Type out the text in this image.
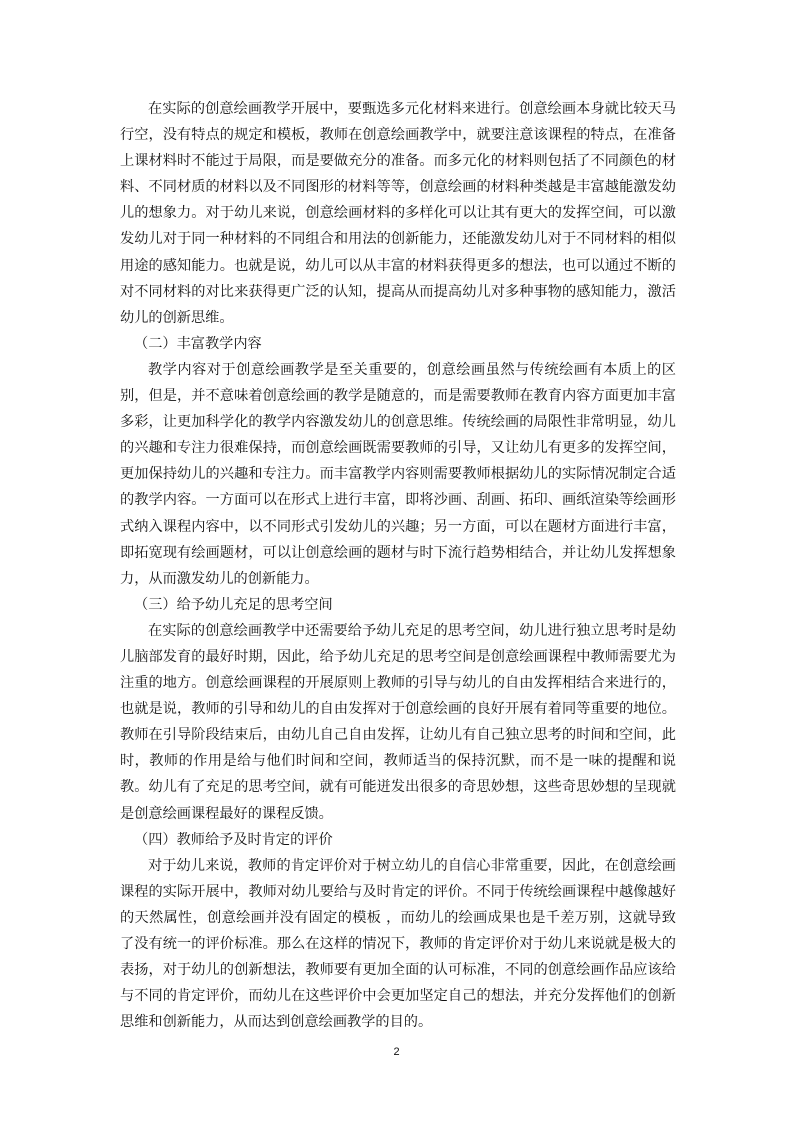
在实际的创意绘画教学开展中，要甄选多元化材料来进行。创意绘画本身就比较天马行空，没有特点的规定和模板，教师在创意绘画教学中，就要注意该课程的特点，在准备上课材料时不能过于局限，而是要做充分的准备。而多元化的材料则包括了不同颜色的材料、不同材质的材料以及不同图形的材料等等，创意绘画的材料种类越是丰富越能激发幼儿的想象力。对于幼儿来说，创意绘画材料的多样化可以让其有更大的发挥空间，可以激发幼儿对于同一种材料的不同组合和用法的创新能力，还能激发幼儿对于不同材料的相似用途的感知能力。也就是说，幼儿可以从丰富的材料获得更多的想法，也可以通过不断的对不同材料的对比来获得更广泛的认知，提高从而提高幼儿对多种事物的感知能力，激活幼儿的创新思维。

（二）丰富教学内容

教学内容对于创意绘画教学是至关重要的，创意绘画虽然与传统绘画有本质上的区别，但是，并不意味着创意绘画的教学是随意的，而是需要教师在教育内容方面更加丰富多彩，让更加科学化的教学内容激发幼儿的创意思维。传统绘画的局限性非常明显，幼儿的兴趣和专注力很难保持，而创意绘画既需要教师的引导，又让幼儿有更多的发挥空间，更加保持幼儿的兴趣和专注力。而丰富教学内容则需要教师根据幼儿的实际情况制定合适的教学内容。一方面可以在形式上进行丰富，即将沙画、刮画、拓印、画纸渲染等绘画形式纳入课程内容中，以不同形式引发幼儿的兴趣；另一方面，可以在题材方面进行丰富，即拓宽现有绘画题材，可以让创意绘画的题材与时下流行趋势相结合，并让幼儿发挥想象力，从而激发幼儿的创新能力。

（三）给予幼儿充足的思考空间

在实际的创意绘画教学中还需要给予幼儿充足的思考空间，幼儿进行独立思考时是幼儿脑部发育的最好时期，因此，给予幼儿充足的思考空间是创意绘画课程中教师需要尤为注重的地方。创意绘画课程的开展原则上教师的引导与幼儿的自由发挥相结合来进行的，也就是说，教师的引导和幼儿的自由发挥对于创意绘画的良好开展有着同等重要的地位。教师在引导阶段结束后，由幼儿自己自由发挥，让幼儿有自己独立思考的时间和空间，此时，教师的作用是给与他们时间和空间，教师适当的保持沉默，而不是一味的提醒和说教。幼儿有了充足的思考空间，就有可能迸发出很多的奇思妙想，这些奇思妙想的呈现就是创意绘画课程最好的课程反馈。

（四）教师给予及时肯定的评价

对于幼儿来说，教师的肯定评价对于树立幼儿的自信心非常重要，因此，在创意绘画课程的实际开展中，教师对幼儿要给与及时肯定的评价。不同于传统绘画课程中越像越好的天然属性，创意绘画并没有固定的模板 ，而幼儿的绘画成果也是千差万别，这就导致了没有统一的评价标准。那么在这样的情况下，教师的肯定评价对于幼儿来说就是极大的表扬，对于幼儿的创新想法，教师要有更加全面的认可标准，不同的创意绘画作品应该给与不同的肯定评价，而幼儿在这些评价中会更加坚定自己的想法，并充分发挥他们的创新思维和创新能力，从而达到创意绘画教学的目的。

2
